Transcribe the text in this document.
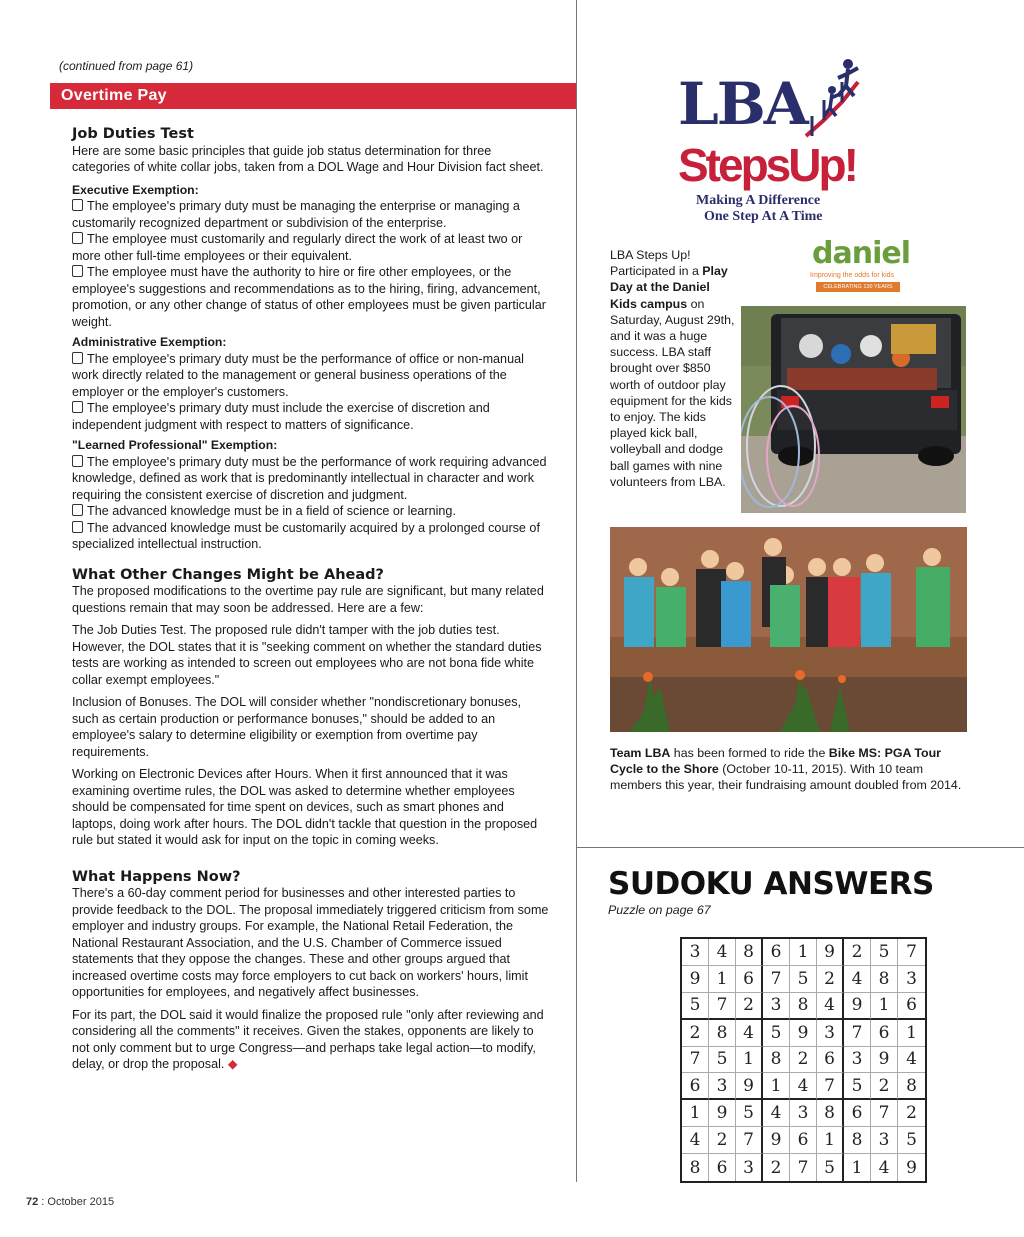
(continued from page 61)
Overtime Pay

Job Duties Test

Here are some basic principles that guide job status determination for three categories of white collar jobs, taken from a DOL Wage and Hour Division fact sheet.

Executive Exemption:

The employee's primary duty must be managing the enterprise or managing a customarily recognized department or subdivision of the enterprise.

The employee must customarily and regularly direct the work of at least two or more other full-time employees or their equivalent.

The employee must have the authority to hire or fire other employees, or the employee's suggestions and recommendations as to the hiring, firing, advancement, promotion, or any other change of status of other employees must be given particular weight.

Administrative Exemption:

The employee's primary duty must be the performance of office or non-manual work directly related to the management or general business operations of the employer or the employer's customers.

The employee's primary duty must include the exercise of discretion and independent judgment with respect to matters of significance.

"Learned Professional" Exemption:

The employee's primary duty must be the performance of work requiring advanced knowledge, defined as work that is predominantly intellectual in character and work requiring the consistent exercise of discretion and judgment.

The advanced knowledge must be in a field of science or learning.

The advanced knowledge must be customarily acquired by a prolonged course of specialized intellectual instruction.

What Other Changes Might be Ahead?

The proposed modifications to the overtime pay rule are significant, but many related questions remain that may soon be addressed. Here are a few:

The Job Duties Test. The proposed rule didn't tamper with the job duties test. However, the DOL states that it is "seeking comment on whether the standard duties tests are working as intended to screen out employees who are not bona fide white collar exempt employees."

Inclusion of Bonuses. The DOL will consider whether "nondiscretionary bonuses, such as certain production or performance bonuses," should be added to an employee's salary to determine eligibility or exemption from overtime pay requirements.

Working on Electronic Devices after Hours. When it first announced that it was examining overtime rules, the DOL was asked to determine whether employees should be compensated for time spent on devices, such as smart phones and laptops, doing work after hours. The DOL didn't tackle that question in the proposed rule but stated it would ask for input on the topic in coming weeks.

What Happens Now?

There's a 60-day comment period for businesses and other interested parties to provide feedback to the DOL. The proposal immediately triggered criticism from some employer and industry groups. For example, the National Retail Federation, the National Restaurant Association, and the U.S. Chamber of Commerce issued statements that they oppose the changes. These and other groups argued that increased overtime costs may force employers to cut back on workers' hours, limit opportunities for employees, and negatively affect businesses.

For its part, the DOL said it would finalize the proposed rule "only after reviewing and considering all the comments" it receives. Given the stakes, opponents are likely to not only comment but to urge Congress—and perhaps take legal action—to modify, delay, or drop the proposal. ◆

72 : October 2015
LBA
StepsUp!
Making A Difference
One Step At A Time
LBA Steps Up! Participated in a Play Day at the Daniel Kids campus on Saturday, August 29th, and it was a huge success. LBA staff brought over $850 worth of outdoor play equipment for the kids to enjoy. The kids played kick ball, volleyball and dodge ball games with nine volunteers from LBA.
daniel
Improving the odds for kids
CELEBRATING 130 YEARS
Team LBA has been formed to ride the Bike MS: PGA Tour Cycle to the Shore (October 10-11, 2015). With 10 team members this year, their fundraising amount doubled from 2014.
SUDOKU ANSWERS
Puzzle on page 67
3 4 8 6 1 9 2 5 7
9 1 6 7 5 2 4 8 3
5 7 2 3 8 4 9 1 6
2 8 4 5 9 3 7 6 1
7 5 1 8 2 6 3 9 4
6 3 9 1 4 7 5 2 8
1 9 5 4 3 8 6 7 2
4 2 7 9 6 1 8 3 5
8 6 3 2 7 5 1 4 9
